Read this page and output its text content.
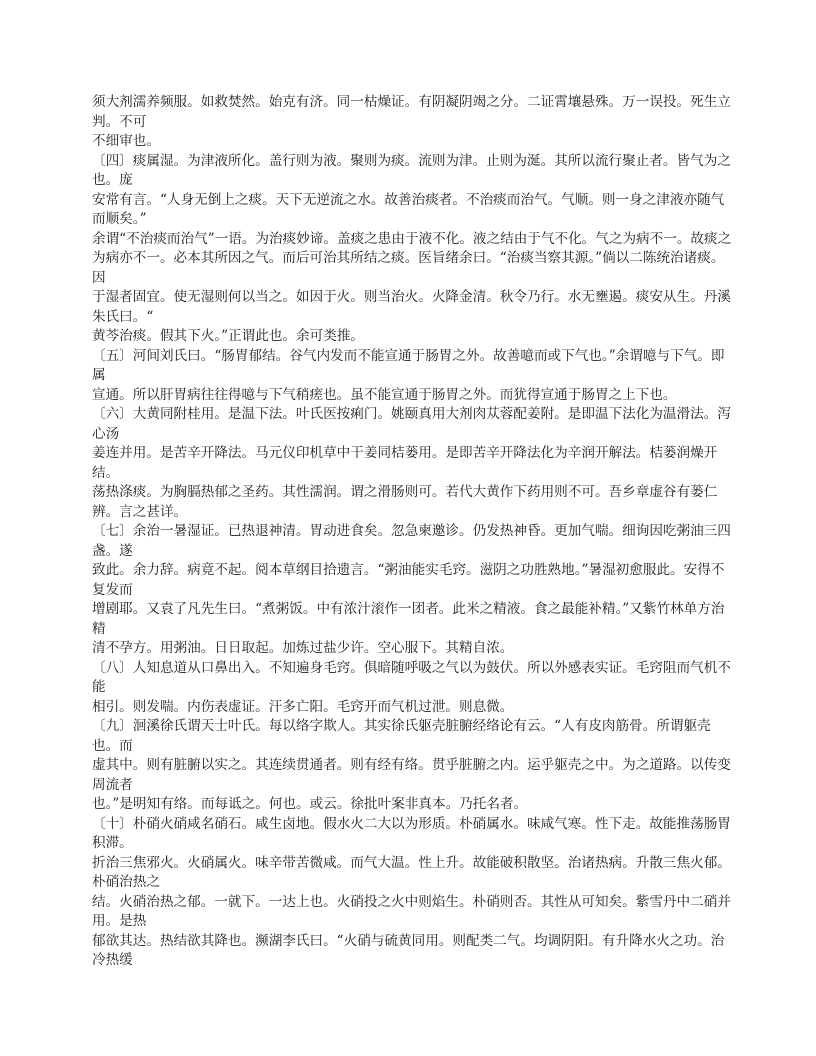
须大剂濡养频服。如救焚然。始克有济。同一枯燥证。有阴凝阴竭之分。二证霄壤悬殊。万一误投。死生立判。不可

不细审也。

〔四〕痰属湿。为津液所化。盖行则为液。聚则为痰。流则为津。止则为涎。其所以流行聚止者。皆气为之也。庞

安常有言。“人身无倒上之痰。天下无逆流之水。故善治痰者。不治痰而治气。气顺。则一身之津液亦随气而顺矣。”

余谓“不治痰而治气”一语。为治痰妙谛。盖痰之患由于液不化。液之结由于气不化。气之为病不一。故痰之

为病亦不一。必本其所因之气。而后可治其所结之痰。医旨绪余曰。“治痰当察其源。”倘以二陈统治诸痰。因

于湿者固宜。使无湿则何以当之。如因于火。则当治火。火降金清。秋令乃行。水无壅遏。痰安从生。丹溪朱氏曰。“

黄芩治痰。假其下火。”正谓此也。余可类推。

〔五〕河间刘氏曰。“肠胃郁结。谷气内发而不能宣通于肠胃之外。故善噫而或下气也。”余谓噫与下气。即属

宣通。所以肝胃病往往得噫与下气稍瘥也。虽不能宣通于肠胃之外。而犹得宣通于肠胃之上下也。

〔六〕大黄同附桂用。是温下法。叶氏医按痢门。姚颐真用大剂肉苁蓉配姜附。是即温下法化为温滑法。泻心汤

姜连并用。是苦辛开降法。马元仪印机草中干姜同桔蒌用。是即苦辛开降法化为辛润开解法。桔蒌润燥开结。

荡热涤痰。为胸膈热郁之圣药。其性濡润。谓之滑肠则可。若代大黄作下药用则不可。吾乡章虚谷有蒌仁辨。言之甚详。

〔七〕余治一暑湿证。已热退神清。胃动进食矣。忽急柬邀诊。仍发热神昏。更加气喘。细询因吃粥油三四盏。遂

致此。余力辞。病竟不起。阅本草纲目拾遗言。“粥油能实毛窍。滋阴之功胜熟地。”暑湿初愈服此。安得不复发而

增剧耶。又袁了凡先生曰。“煮粥饭。中有浓汁滚作一团者。此米之精液。食之最能补精。”又紫竹林单方治精

清不孕方。用粥油。日日取起。加炼过盐少许。空心服下。其精自浓。

〔八〕人知息道从口鼻出入。不知遍身毛窍。俱暗随呼吸之气以为鼓伏。所以外感表实证。毛窍阻而气机不能

相引。则发喘。内伤表虚证。汗多亡阳。毛窍开而气机过泄。则息微。

〔九〕洄溪徐氏谓天士叶氏。每以络字欺人。其实徐氏躯壳脏腑经络论有云。“人有皮肉筋骨。所谓躯壳也。而

虚其中。则有脏腑以实之。其连续贯通者。则有经有络。贯乎脏腑之内。运乎躯壳之中。为之道路。以传变周流者

也。”是明知有络。而每诋之。何也。或云。徐批叶案非真本。乃托名者。

〔十〕朴硝火硝咸名硝石。咸生卤地。假水火二大以为形质。朴硝属水。味咸气寒。性下走。故能推荡肠胃积滞。

折治三焦邪火。火硝属火。味辛带苦微咸。而气大温。性上升。故能破积散坚。治诸热病。升散三焦火郁。朴硝治热之

结。火硝治热之郁。一就下。一达上也。火硝投之火中则焰生。朴硝则否。其性从可知矣。紫雪丹中二硝并用。是热

郁欲其达。热结欲其降也。濒湖李氏曰。“火硝与硫黄同用。则配类二气。均调阴阳。有升降水火之功。治冷热缓
